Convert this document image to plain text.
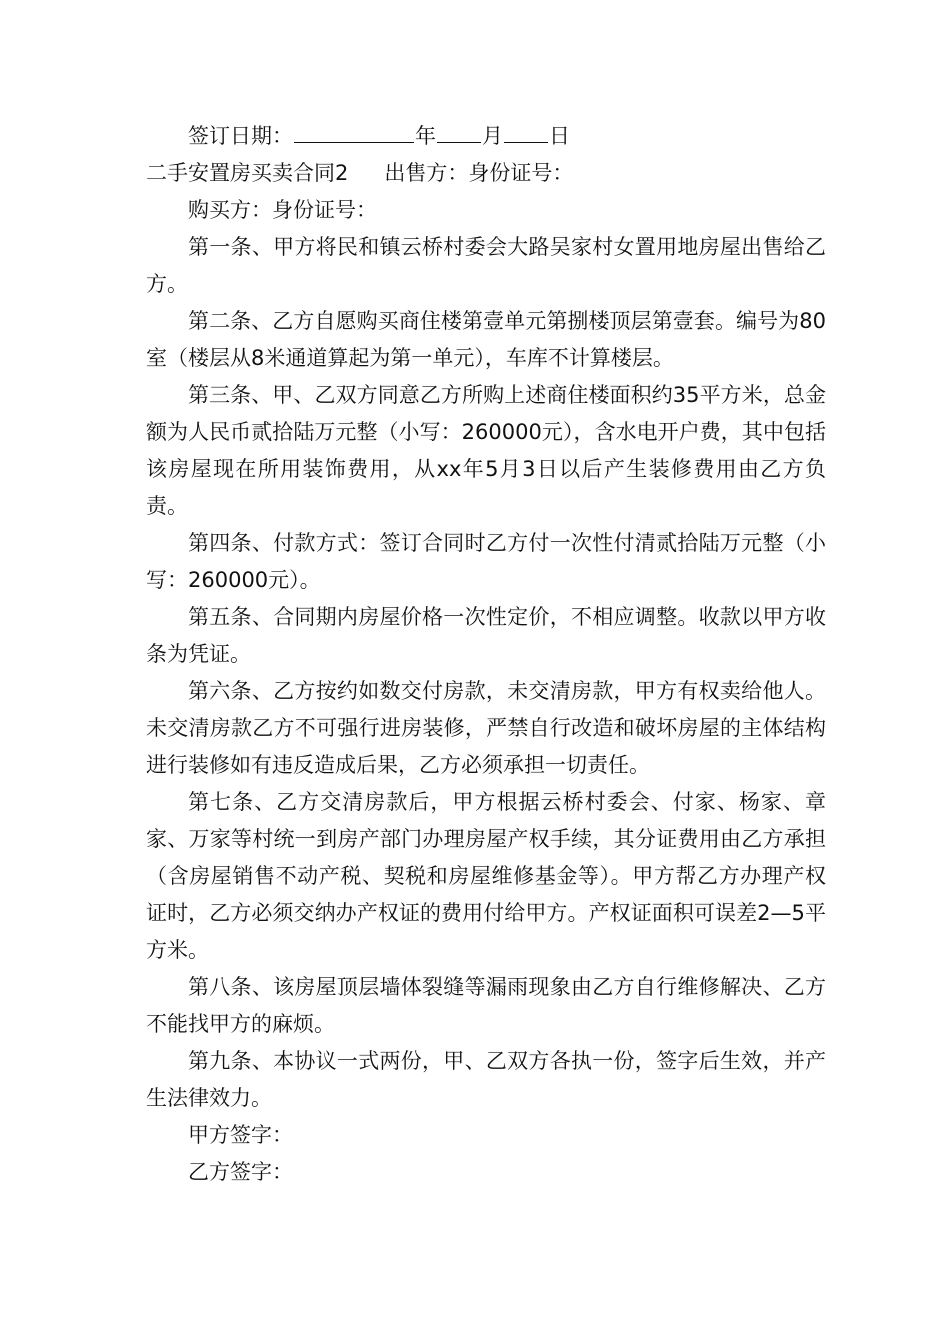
签订日期：	年 月 日

二手安置房买卖合同2 出售方：身份证号：

购买方：身份证号：

第一条、甲方将民和镇云桥村委会大路吴家村女置用地房屋出售给乙方。

第二条、乙方自愿购买商住楼第壹单元第捌楼顶层第壹套。编号为80室（楼层从8米通道算起为第一单元），车库不计算楼层。

第三条、甲、乙双方同意乙方所购上述商住楼面积约35平方米，总金额为人民币贰拾陆万元整（小写：260000元），含水电开户费，其中包括该房屋现在所用装饰费用，从xx年5月3日以后产生装修费用由乙方负责。

第四条、付款方式：签订合同时乙方付一次性付清贰拾陆万元整（小写：260000元）。

第五条、合同期内房屋价格一次性定价，不相应调整。收款以甲方收条为凭证。

第六条、乙方按约如数交付房款，未交清房款，甲方有权卖给他人。未交清房款乙方不可强行进房装修，严禁自行改造和破坏房屋的主体结构进行装修如有违反造成后果，乙方必须承担一切责任。

第七条、乙方交清房款后，甲方根据云桥村委会、付家、杨家、章家、万家等村统一到房产部门办理房屋产权手续，其分证费用由乙方承担（含房屋销售不动产税、契税和房屋维修基金等）。甲方帮乙方办理产权证时，乙方必须交纳办产权证的费用付给甲方。产权证面积可误差2—5平方米。

第八条、该房屋顶层墙体裂缝等漏雨现象由乙方自行维修解决、乙方不能找甲方的麻烦。

第九条、本协议一式两份，甲、乙双方各执一份，签字后生效，并产生法律效力。

甲方签字：

乙方签字：
